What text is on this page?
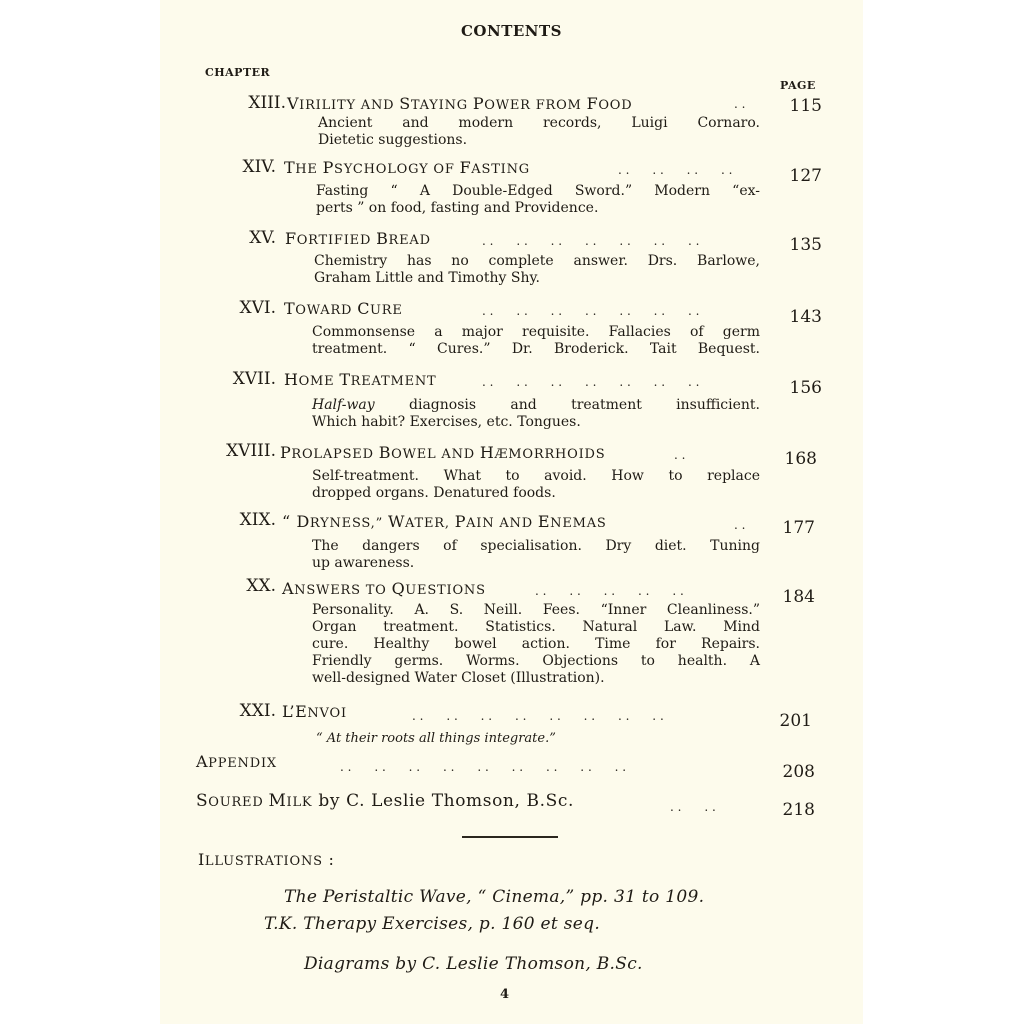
CONTENTS
CHAPTER
PAGE
XIII. VIRILITY AND STAYING POWER FROM FOOD	. .	115
Ancient and modern records, Luigi Cornaro.
Dietetic suggestions.
XIV. THE PSYCHOLOGY OF FASTING	. .      . .      . .      . .	127
Fasting “ A Double-Edged Sword.” Modern “ex-
perts ” on food, fasting and Providence.
XV. FORTIFIED BREAD	. .      . .      . .      . .      . .      . .      . .	135
Chemistry has no complete answer. Drs. Barlowe,
Graham Little and Timothy Shy.
XVI. TOWARD CURE	. .      . .      . .      . .      . .      . .      . .	143
Commonsense a major requisite. Fallacies of germ
treatment. “ Cures.” Dr. Broderick. Tait Bequest.
XVII. HOME TREATMENT	. .      . .      . .      . .      . .      . .      . .	156
Half-way diagnosis and treatment insufficient.
Which habit? Exercises, etc. Tongues.
XVIII. PROLAPSED BOWEL AND HÆMORRHOIDS	. .	168
Self-treatment. What to avoid. How to replace
dropped organs. Denatured foods.
XIX. “ DRYNESS,” WATER, PAIN AND ENEMAS	. .	177
The dangers of specialisation. Dry diet. Tuning
up awareness.
XX. ANSWERS TO QUESTIONS	. .      . .      . .      . .      . .	184
Personality. A. S. Neill. Fees. “Inner Cleanliness.”
Organ treatment. Statistics. Natural Law. Mind
cure. Healthy bowel action. Time for Repairs.
Friendly germs. Worms. Objections to health. A
well-designed Water Closet (Illustration).
XXI. L’ENVOI	. .      . .      . .      . .      . .      . .      . .      . .	201
“ At their roots all things integrate.”
APPENDIX	. .      . .      . .      . .      . .      . .      . .      . .      . .	208
SOURED MILK by C. Leslie Thomson, B.Sc.	. .      . .	218
ILLUSTRATIONS :
The Peristaltic Wave, “ Cinema,” pp. 31 to 109.
T.K. Therapy Exercises, p. 160 et seq.
Diagrams by C. Leslie Thomson, B.Sc.
4
